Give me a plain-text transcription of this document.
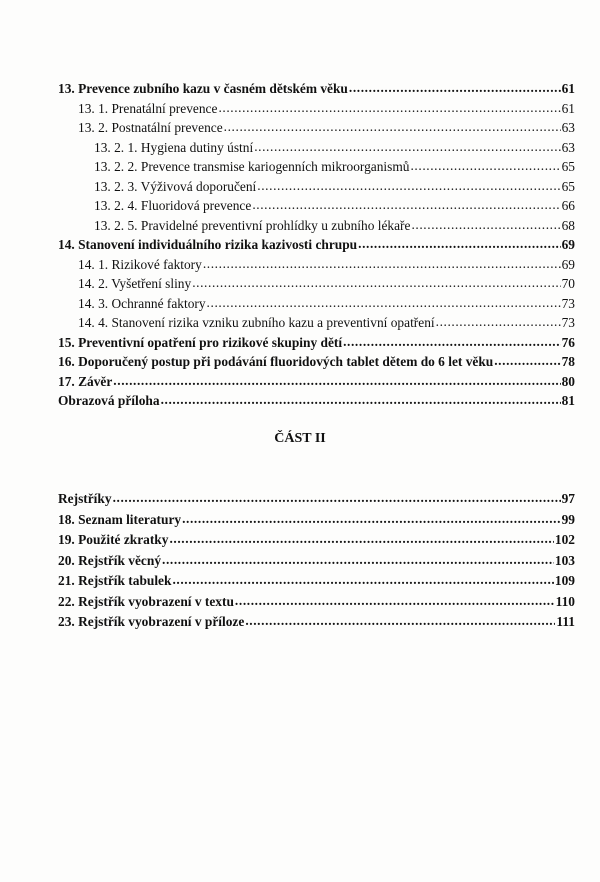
13. Prevence zubního kazu v časném dětském věku .....	61
13. 1. Prenatální prevence .....	61
13. 2. Postnatální prevence .....	63
13. 2. 1. Hygiena dutiny ústní .....	63
13. 2. 2. Prevence transmise kariogenních mikroorganismů .....	65
13. 2. 3. Výživová doporučení .....	65
13. 2. 4. Fluoridová prevence .....	66
13. 2. 5. Pravidelné preventivní prohlídky u zubního lékaře .....	68
14. Stanovení individuálního rizika kazivosti chrupu .....	69
14. 1. Rizikové faktory .....	69
14. 2. Vyšetření sliny .....	70
14. 3. Ochranné faktory .....	73
14. 4. Stanovení rizika vzniku zubního kazu a preventivní opatření .....	73
15. Preventivní opatření pro rizikové skupiny dětí .....	76
16. Doporučený postup při podávání fluoridových tablet dětem do 6 let věku .....	78
17. Závěr .....	80
Obrazová příloha .....	81
ČÁST II
Rejstříky .....	97
18. Seznam literatury .....	99
19. Použité zkratky .....	102
20. Rejstřík věcný .....	103
21. Rejstřík tabulek .....	109
22. Rejstřík vyobrazení v textu .....	110
23. Rejstřík vyobrazení v příloze .....	111
